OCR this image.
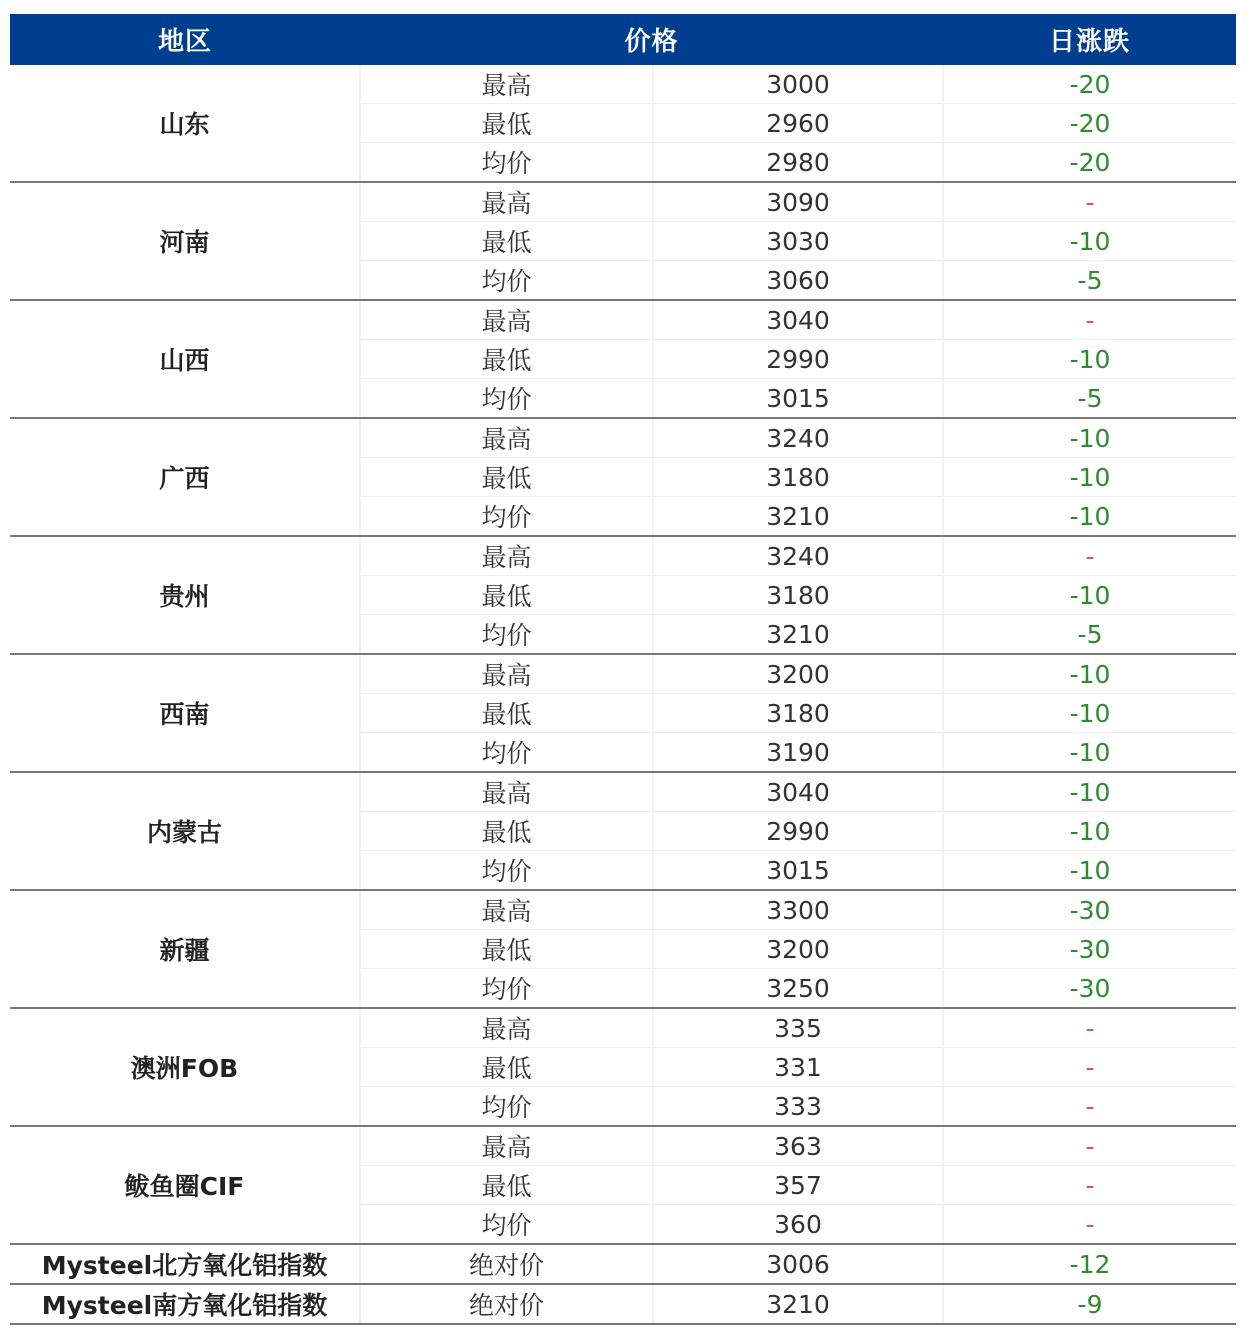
地区	价格		日涨跌
山东	最高	3000	-20
	最低	2960	-20
	均价	2980	-20
河南	最高	3090	-
	最低	3030	-10
	均价	3060	-5
山西	最高	3040	-
	最低	2990	-10
	均价	3015	-5
广西	最高	3240	-10
	最低	3180	-10
	均价	3210	-10
贵州	最高	3240	-
	最低	3180	-10
	均价	3210	-5
西南	最高	3200	-10
	最低	3180	-10
	均价	3190	-10
内蒙古	最高	3040	-10
	最低	2990	-10
	均价	3015	-10
新疆	最高	3300	-30
	最低	3200	-30
	均价	3250	-30
澳洲FOB	最高	335	-
	最低	331	-
	均价	333	-
鲅鱼圈CIF	最高	363	-
	最低	357	-
	均价	360	-
Mysteel北方氧化铝指数	绝对价	3006	-12
Mysteel南方氧化铝指数	绝对价	3210	-9
